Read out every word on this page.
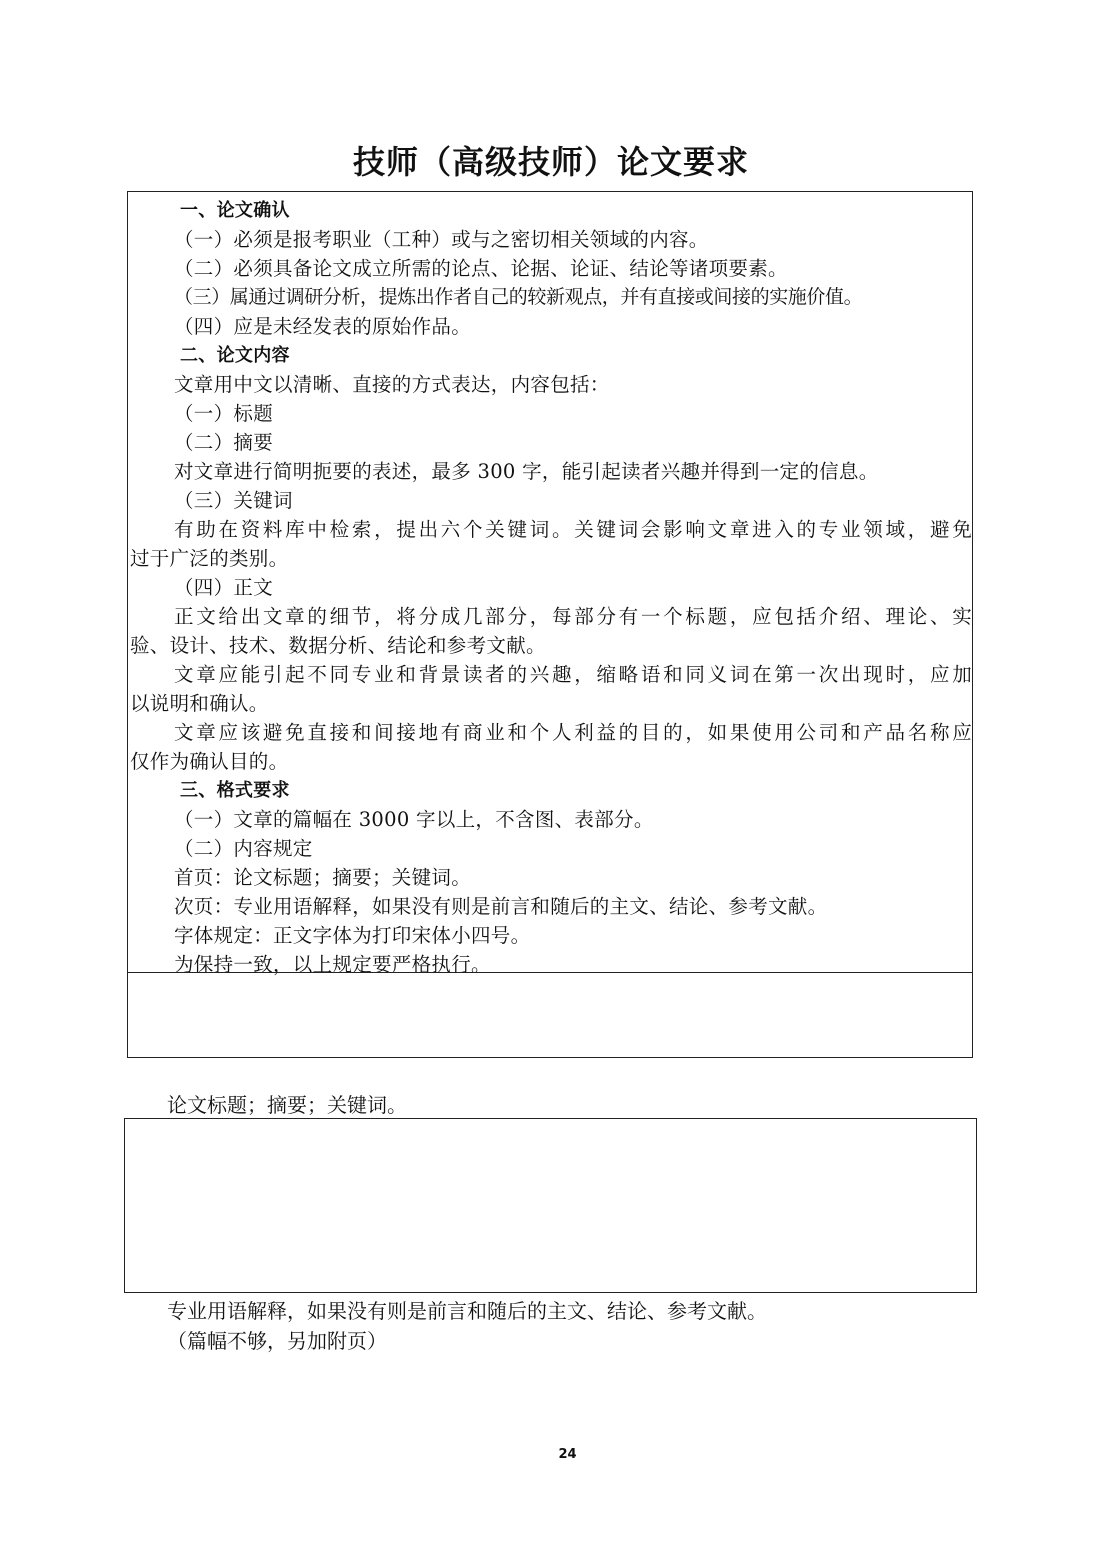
技师（高级技师）论文要求
一、论文确认
（一）必须是报考职业（工种）或与之密切相关领域的内容。
（二）必须具备论文成立所需的论点、论据、论证、结论等诸项要素。
（三）属通过调研分析，提炼出作者自己的较新观点，并有直接或间接的实施价值。
（四）应是未经发表的原始作品。
二、论文内容
文章用中文以清晰、直接的方式表达，内容包括：
（一）标题
（二）摘要
对文章进行简明扼要的表述，最多 300 字，能引起读者兴趣并得到一定的信息。
（三）关键词
有助在资料库中检索，提出六个关键词。关键词会影响文章进入的专业领域，避免
过于广泛的类别。
（四）正文
正文给出文章的细节，将分成几部分，每部分有一个标题，应包括介绍、理论、实
验、设计、技术、数据分析、结论和参考文献。
文章应能引起不同专业和背景读者的兴趣，缩略语和同义词在第一次出现时，应加
以说明和确认。
文章应该避免直接和间接地有商业和个人利益的目的，如果使用公司和产品名称应
仅作为确认目的。
三、格式要求
（一）文章的篇幅在 3000 字以上，不含图、表部分。
（二）内容规定
首页：论文标题；摘要；关键词。
次页：专业用语解释，如果没有则是前言和随后的主文、结论、参考文献。
字体规定：正文字体为打印宋体小四号。
为保持一致，以上规定要严格执行。
论文标题；摘要；关键词。
专业用语解释，如果没有则是前言和随后的主文、结论、参考文献。
（篇幅不够，另加附页）
24
